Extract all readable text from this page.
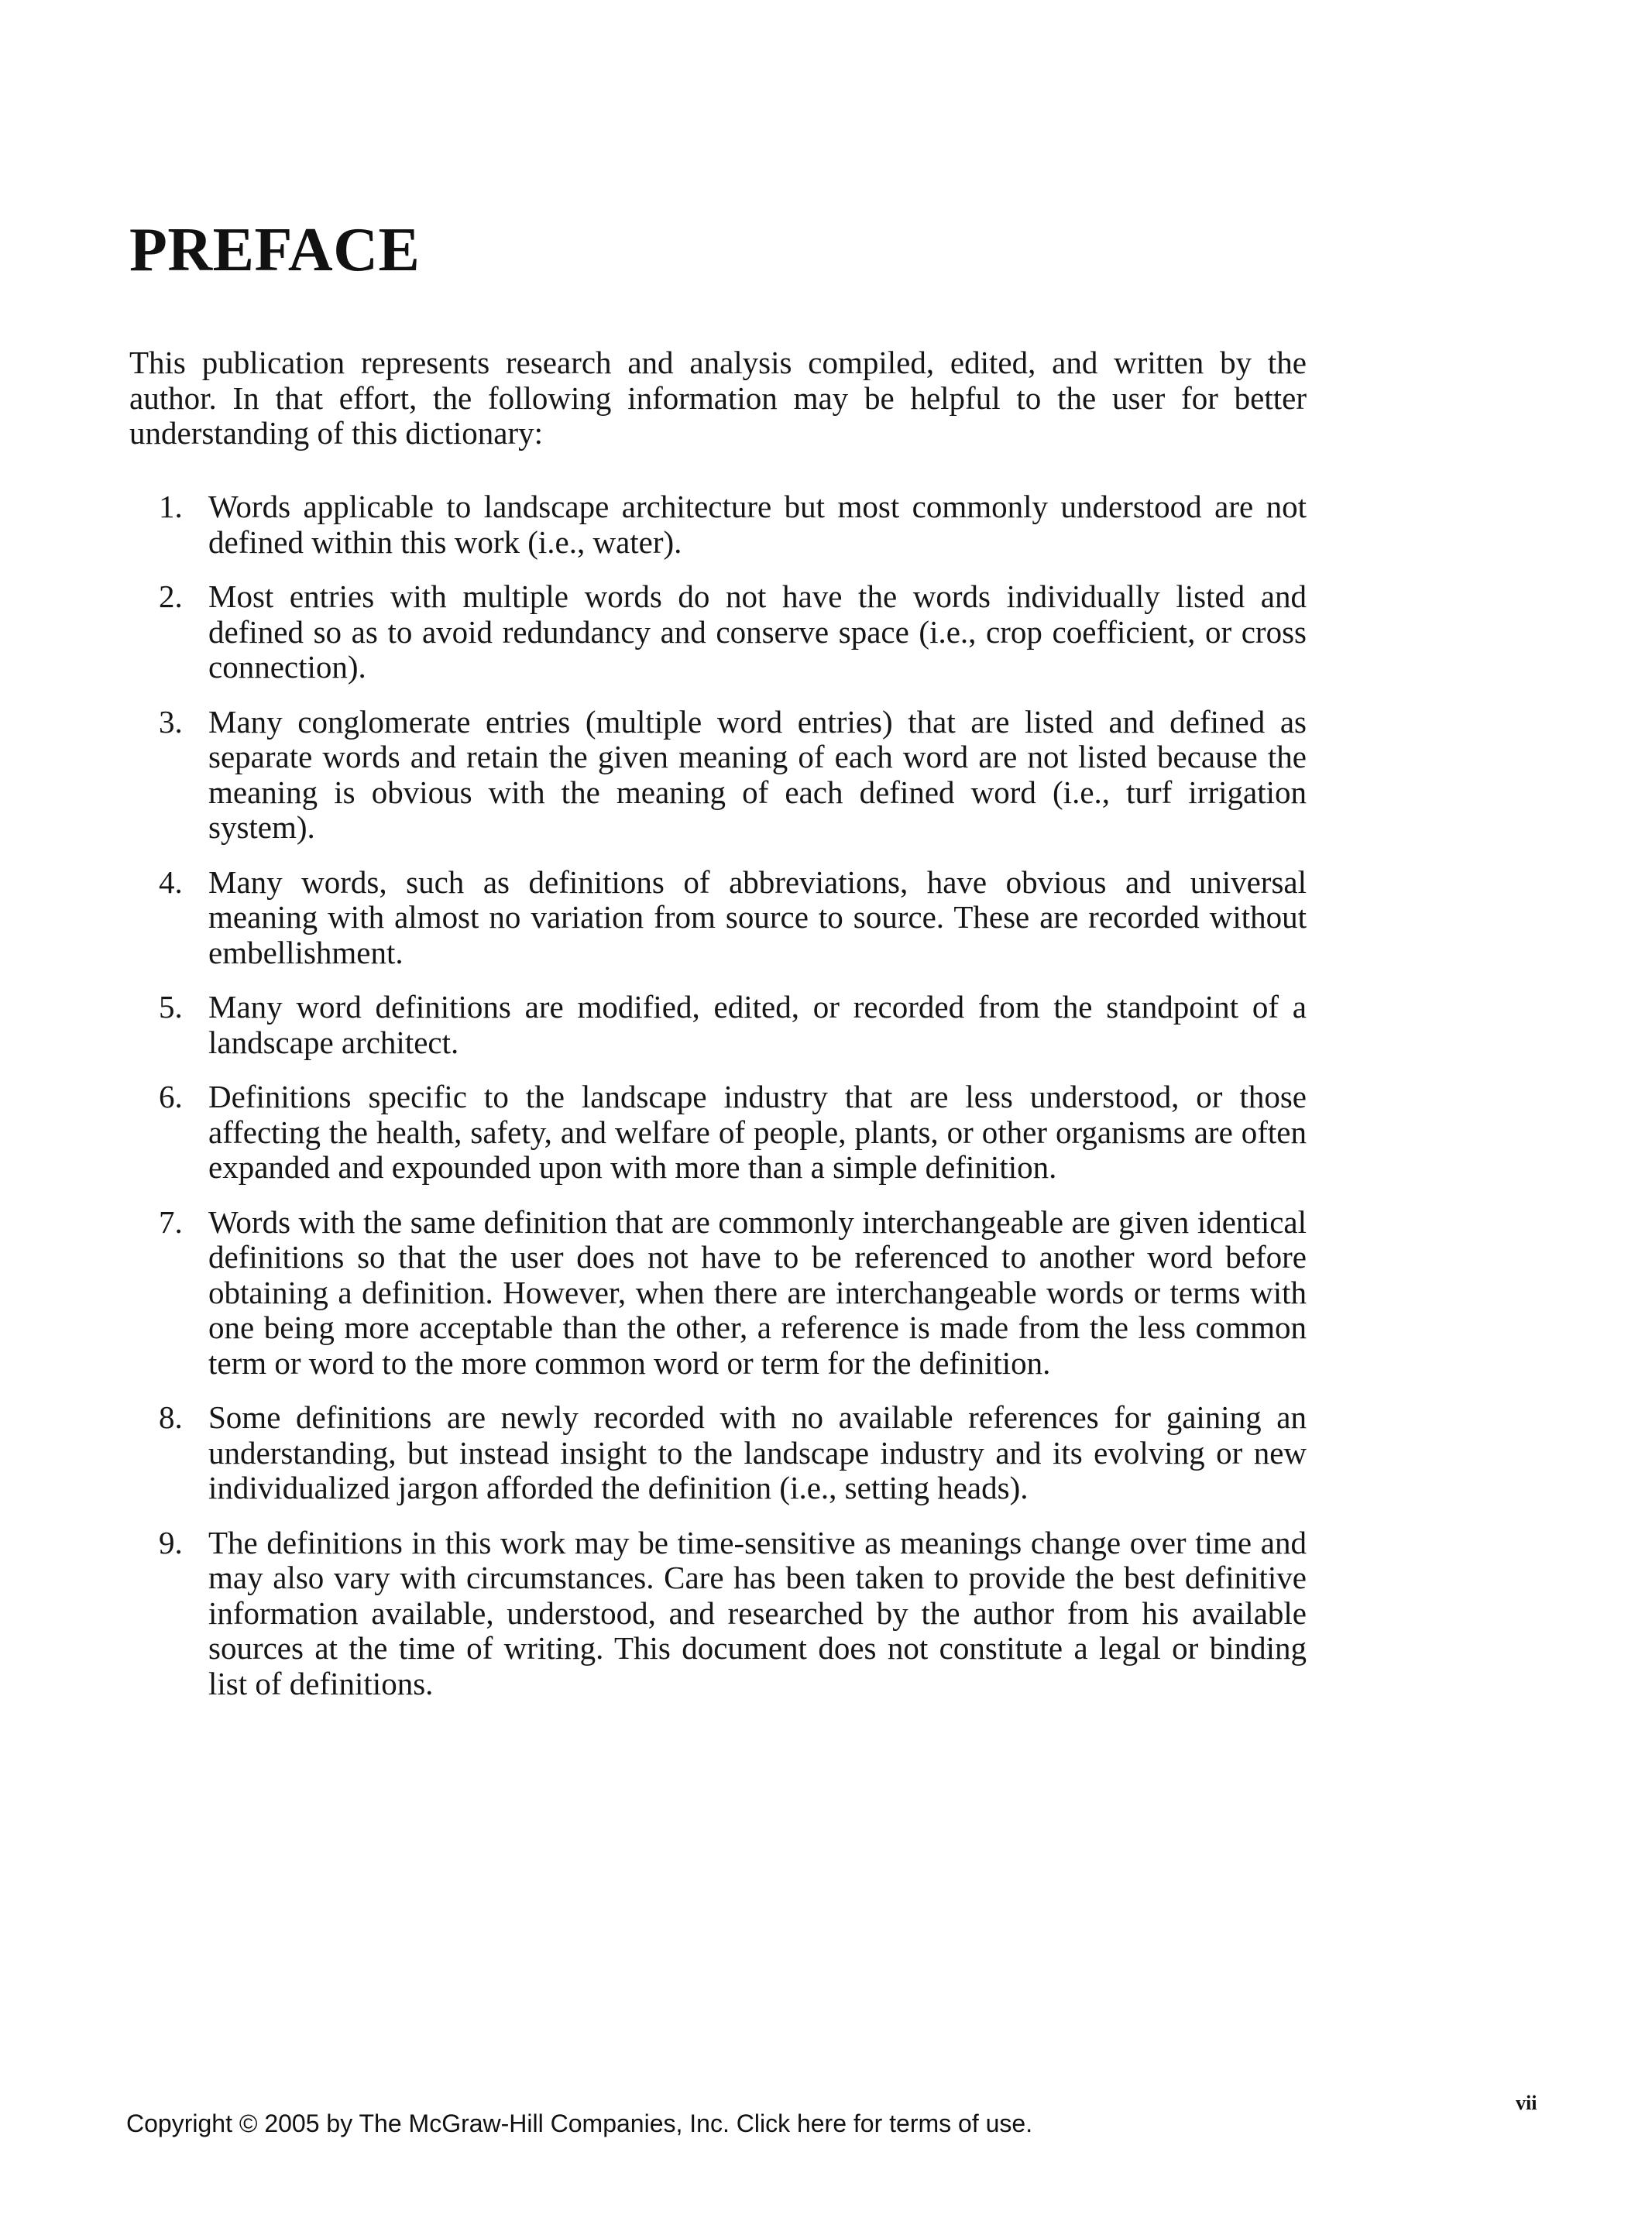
PREFACE

This publication represents research and analysis compiled, edited, and written by the author. In that effort, the following information may be helpful to the user for better understanding of this dictionary:

1. Words applicable to landscape architecture but most commonly understood are not defined within this work (i.e., water).
2. Most entries with multiple words do not have the words individually listed and defined so as to avoid redundancy and conserve space (i.e., crop coefficient, or cross connection).
3. Many conglomerate entries (multiple word entries) that are listed and defined as separate words and retain the given meaning of each word are not listed because the meaning is obvious with the meaning of each defined word (i.e., turf irrigation system).
4. Many words, such as definitions of abbreviations, have obvious and universal meaning with almost no variation from source to source. These are recorded without embellishment.
5. Many word definitions are modified, edited, or recorded from the standpoint of a landscape architect.
6. Definitions specific to the landscape industry that are less understood, or those affecting the health, safety, and welfare of people, plants, or other organisms are often expanded and expounded upon with more than a simple definition.
7. Words with the same definition that are commonly interchangeable are given identical definitions so that the user does not have to be referenced to another word before obtaining a definition. However, when there are interchangeable words or terms with one being more acceptable than the other, a reference is made from the less common term or word to the more common word or term for the definition.
8. Some definitions are newly recorded with no available references for gaining an understanding, but instead insight to the landscape industry and its evolving or new individualized jargon afforded the definition (i.e., setting heads).
9. The definitions in this work may be time-sensitive as meanings change over time and may also vary with circumstances. Care has been taken to provide the best definitive information available, understood, and researched by the author from his available sources at the time of writing. This document does not constitute a legal or binding list of definitions.
vii
Copyright © 2005 by The McGraw-Hill Companies, Inc. Click here for terms of use.
